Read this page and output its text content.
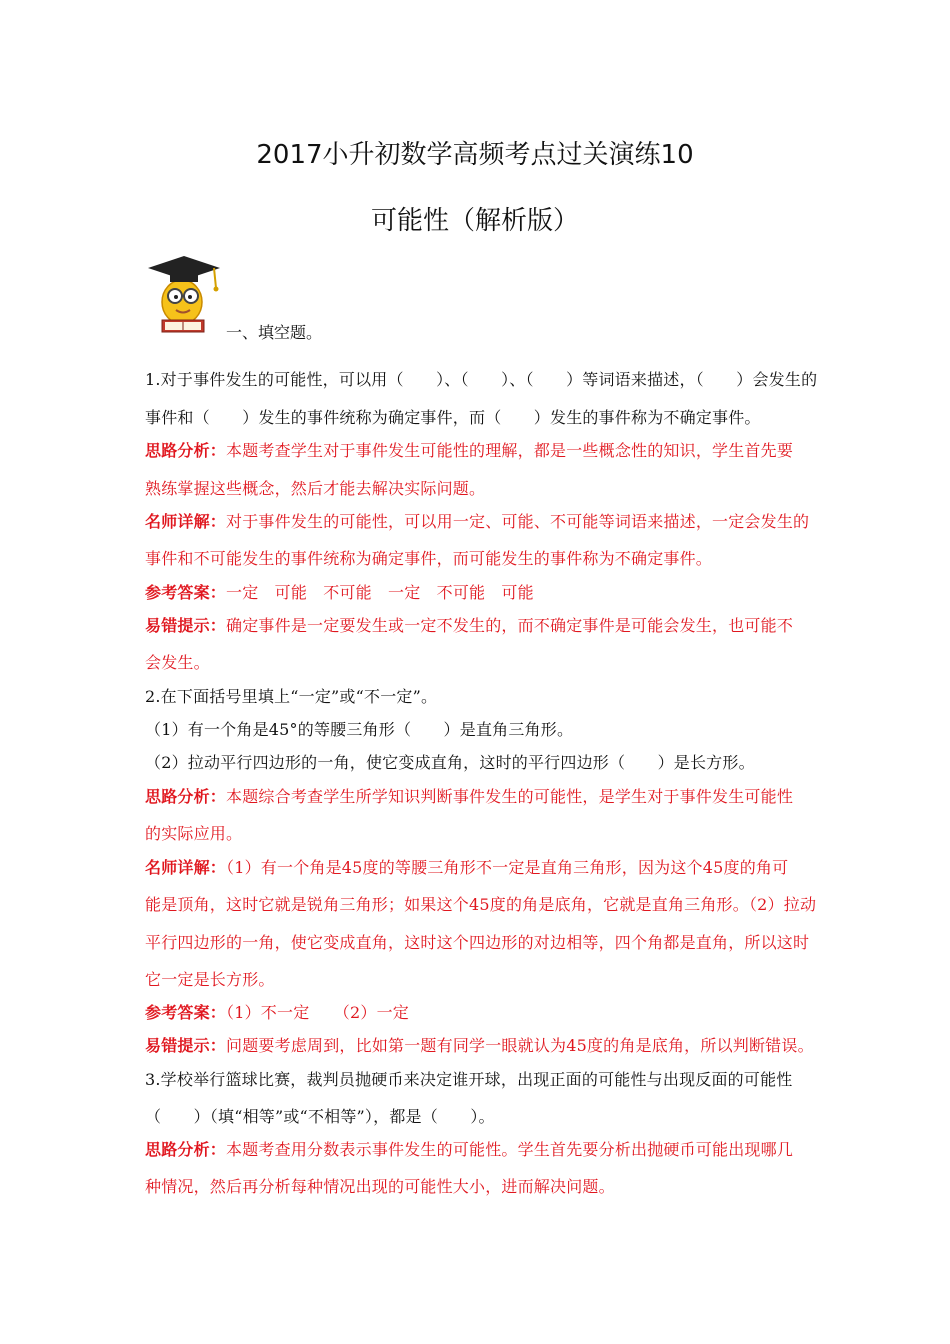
2017小升初数学高频考点过关演练10
可能性（解析版）
一、填空题。
1.对于事件发生的可能性，可以用（　　）、（　　）、（　　）等词语来描述，（　　）会发生的
事件和（　　）发生的事件统称为确定事件，而（　　）发生的事件称为不确定事件。
思路分析：本题考查学生对于事件发生可能性的理解，都是一些概念性的知识，学生首先要
熟练掌握这些概念，然后才能去解决实际问题。
名师详解：对于事件发生的可能性，可以用一定、可能、不可能等词语来描述，一定会发生的
事件和不可能发生的事件统称为确定事件，而可能发生的事件称为不确定事件。
参考答案：一定　可能　不可能　一定　不可能　可能
易错提示：确定事件是一定要发生或一定不发生的，而不确定事件是可能会发生，也可能不
会发生。
2.在下面括号里填上“一定”或“不一定”。
（1）有一个角是45°的等腰三角形（　　）是直角三角形。
（2）拉动平行四边形的一角，使它变成直角，这时的平行四边形（　　）是长方形。
思路分析：本题综合考查学生所学知识判断事件发生的可能性，是学生对于事件发生可能性
的实际应用。
名师详解：（1）有一个角是45度的等腰三角形不一定是直角三角形，因为这个45度的角可
能是顶角，这时它就是锐角三角形；如果这个45度的角是底角，它就是直角三角形。（2）拉动
平行四边形的一角，使它变成直角，这时这个四边形的对边相等，四个角都是直角，所以这时
它一定是长方形。
参考答案：（1）不一定　　（2）一定
易错提示：问题要考虑周到，比如第一题有同学一眼就认为45度的角是底角，所以判断错误。
3.学校举行篮球比赛，裁判员抛硬币来决定谁开球，出现正面的可能性与出现反面的可能性
（　　）（填“相等”或“不相等”），都是（　　）。
思路分析：本题考查用分数表示事件发生的可能性。学生首先要分析出抛硬币可能出现哪几
种情况，然后再分析每种情况出现的可能性大小，进而解决问题。
